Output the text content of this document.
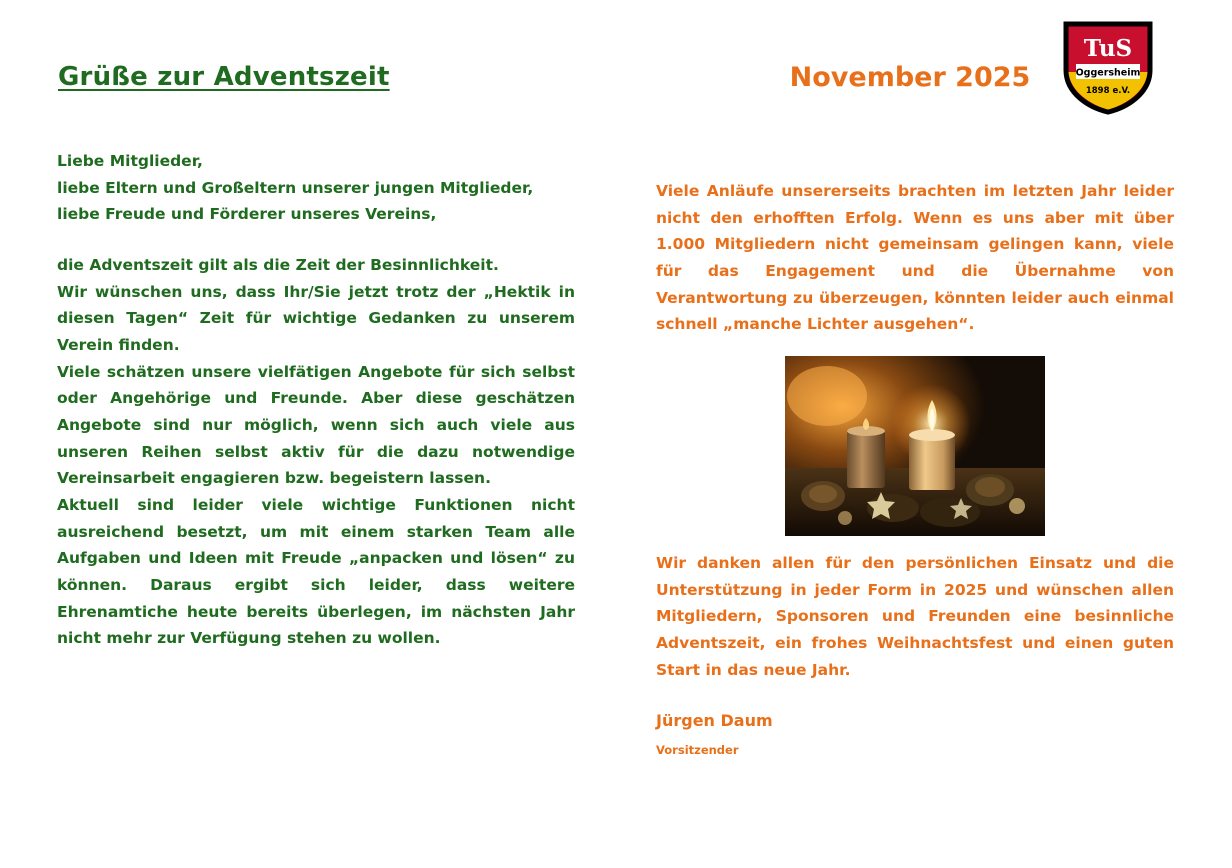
Grüße zur Adventszeit	November 2025
TuS
Oggersheim
1898 e.V.

Liebe Mitglieder,

liebe Eltern und Großeltern unserer jungen Mitglieder,

liebe Freude und Förderer unseres Vereins,

die Adventszeit gilt als die Zeit der Besinnlichkeit.

Wir wünschen uns, dass Ihr/Sie jetzt trotz der „Hektik in diesen Tagen“ Zeit für wichtige Gedanken zu unserem Verein finden.

Viele schätzen unsere vielfätigen Angebote für sich selbst oder Angehörige und Freunde. Aber diese geschätzen Angebote sind nur möglich, wenn sich auch viele aus unseren Reihen selbst aktiv für die dazu notwendige Vereinsarbeit engagieren bzw. begeistern lassen.

Aktuell sind leider viele wichtige Funktionen nicht ausreichend besetzt, um mit einem starken Team alle Aufgaben und Ideen mit Freude „anpacken und lösen“ zu können. Daraus ergibt sich leider, dass weitere Ehrenamtiche heute bereits überlegen, im nächsten Jahr nicht mehr zur Verfügung stehen zu wollen.

Viele Anläufe unsererseits brachten im letzten Jahr leider nicht den erhofften Erfolg. Wenn es uns aber mit über 1.000 Mitgliedern nicht gemeinsam gelingen kann, viele für das Engagement und die Übernahme von Verantwortung zu überzeugen, könnten leider auch einmal schnell „manche Lichter ausgehen“.

Wir danken allen für den persönlichen Einsatz und die Unterstützung in jeder Form in 2025 und wünschen allen Mitgliedern, Sponsoren und Freunden eine besinnliche Adventszeit, ein frohes Weihnachtsfest und einen guten Start in das neue Jahr.

Jürgen Daum

Vorsitzender
